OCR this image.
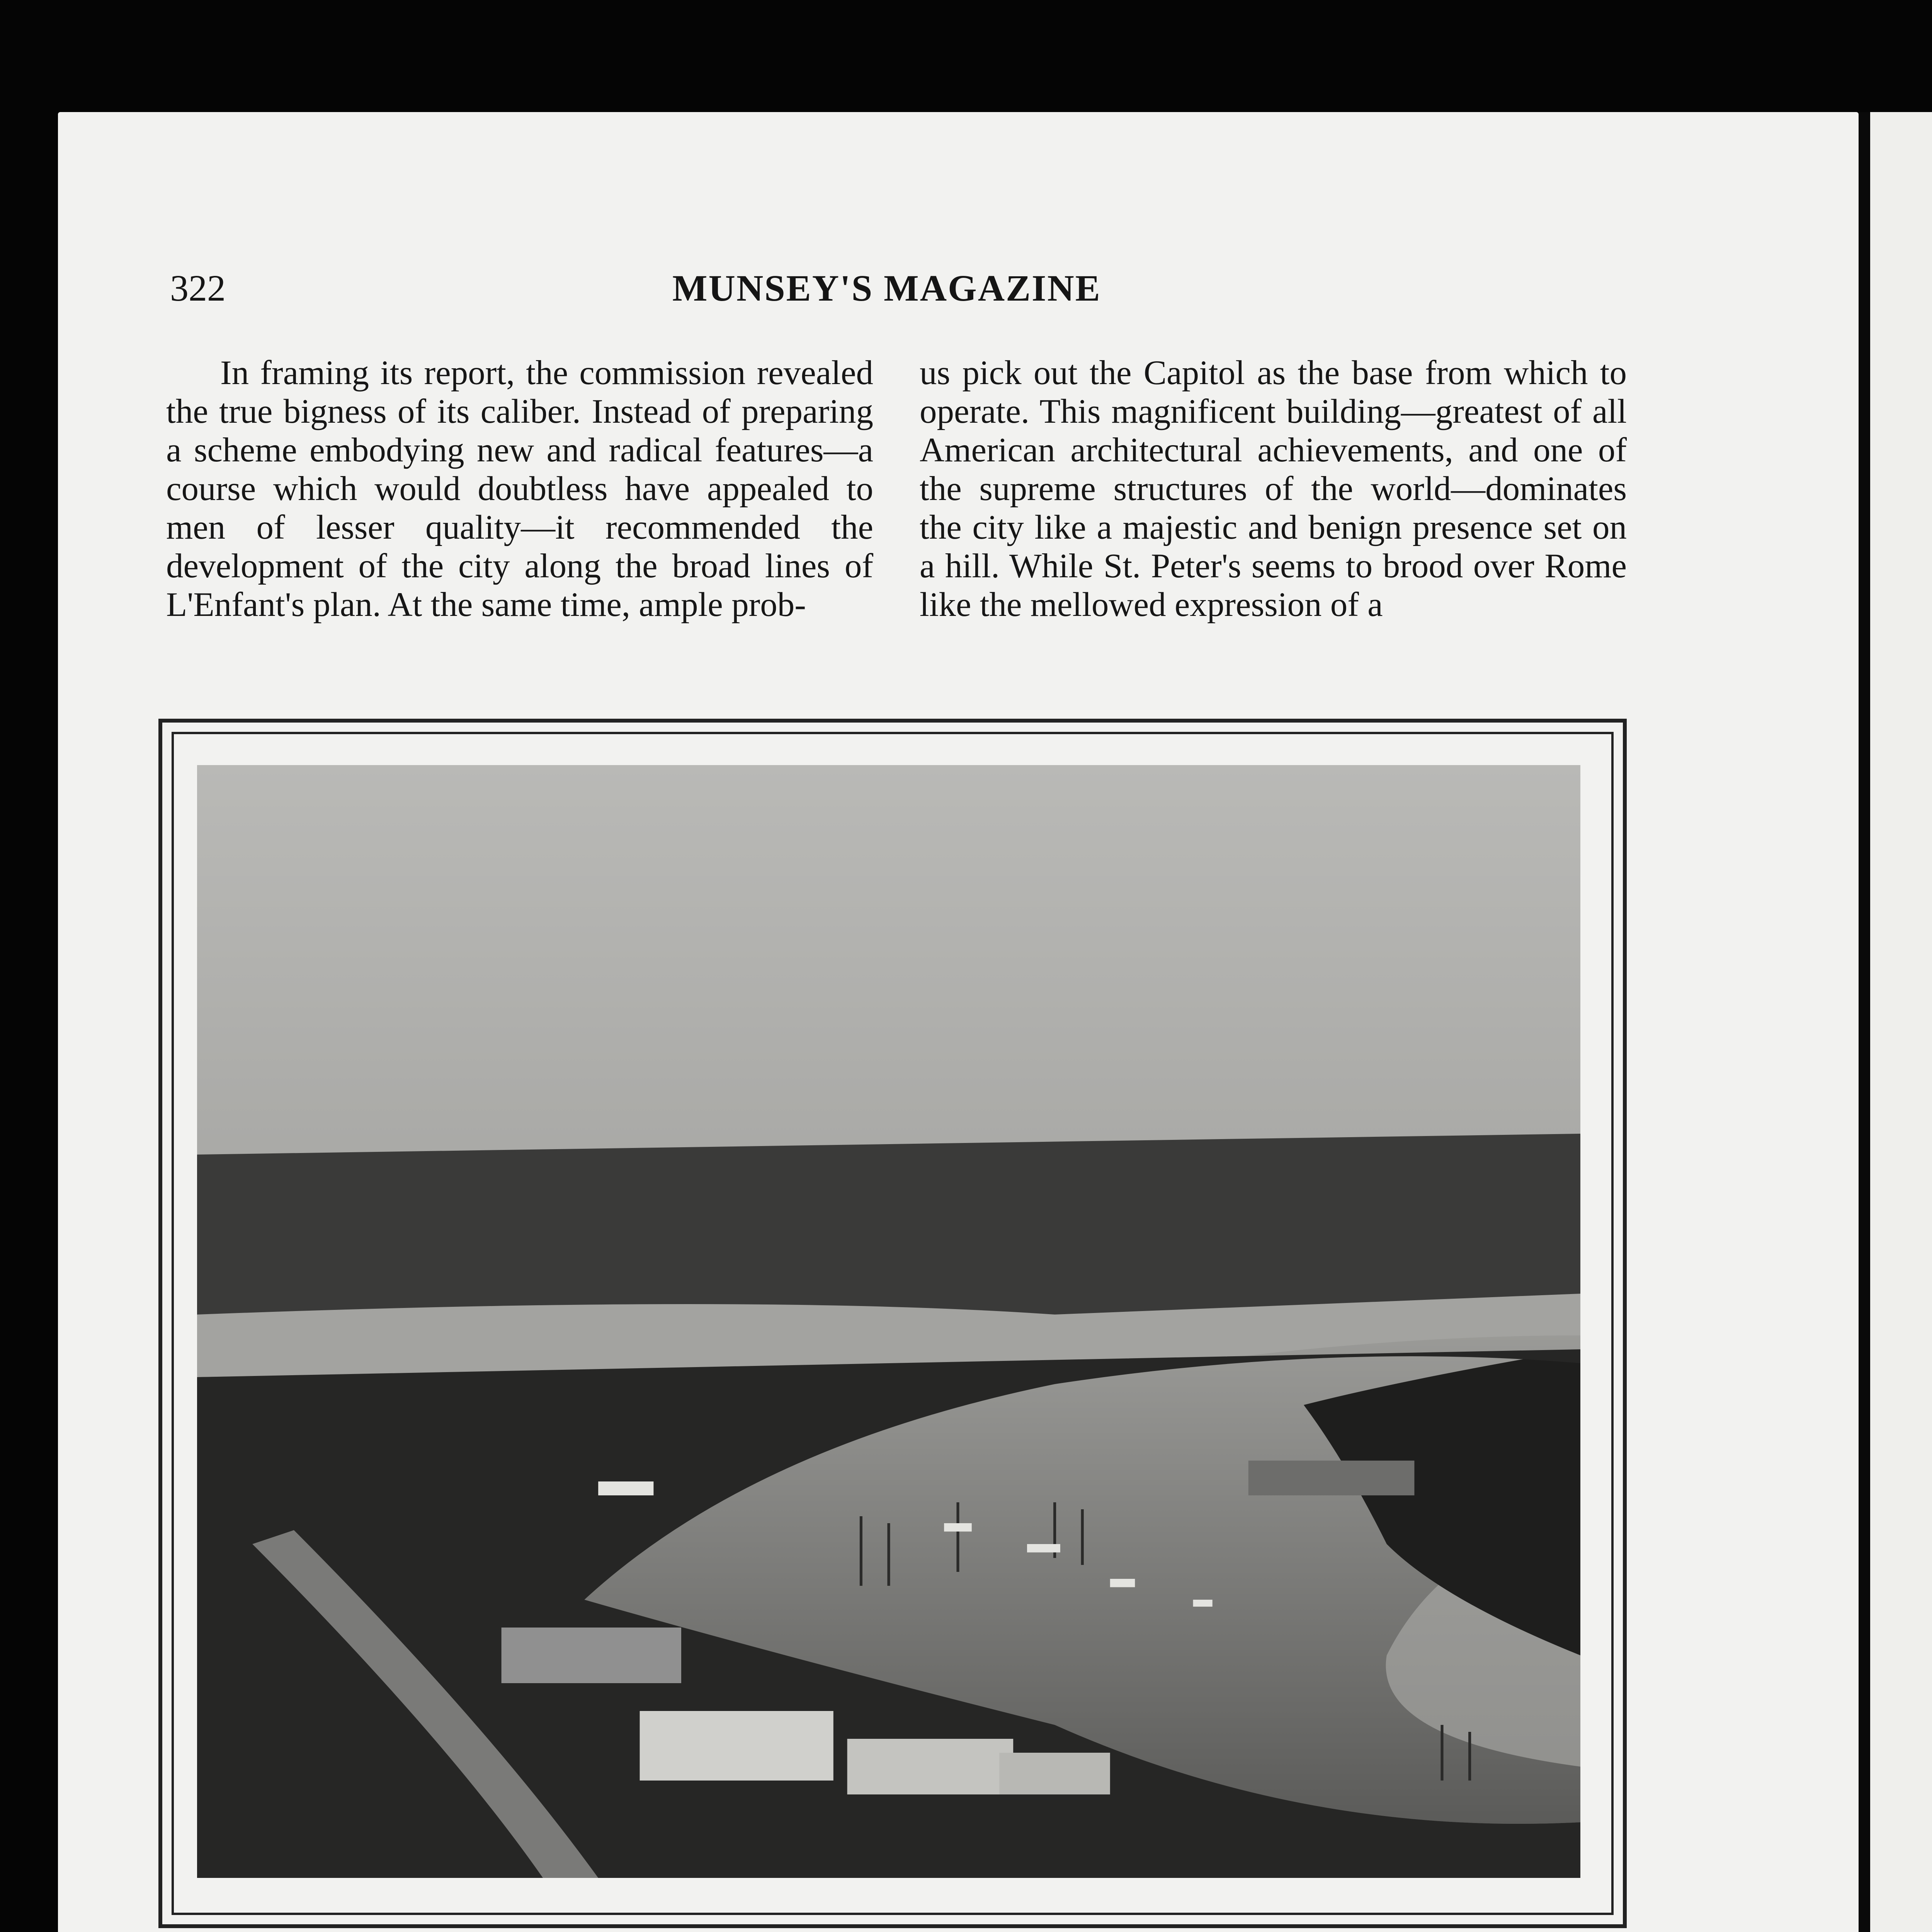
322	MUNSEY'S MAGAZINE

In framing its report, the commission revealed the true bigness of its caliber. Instead of preparing a scheme embodying new and radical features—a course which would doubtless have appealed to men of lesser quality—it recommended the development of the city along the broad lines of L'Enfant's plan. At the same time, ample prob-

us pick out the Capitol as the base from which to operate. This magnificent building—greatest of all American architectural achievements, and one of the supreme structures of the world—dominates the city like a majestic and benign presence set on a hill. While St. Peter's seems to brood over Rome like the mellowed expression of a
